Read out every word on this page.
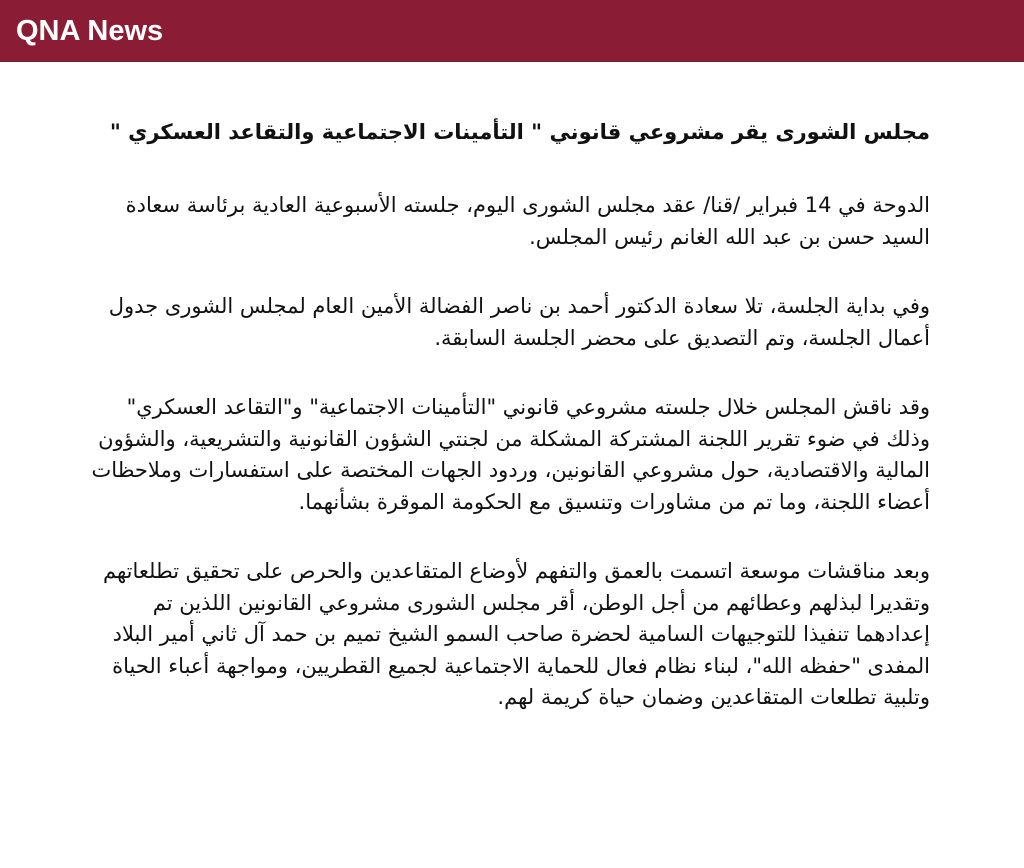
QNA News
مجلس الشورى يقر مشروعي قانوني " التأمينات الاجتماعية والتقاعد العسكري "

الدوحة في 14 فبراير /قنا/ عقد مجلس الشورى اليوم، جلسته الأسبوعية العادية برئاسة سعادة السيد حسن بن عبد الله الغانم رئيس المجلس.

وفي بداية الجلسة، تلا سعادة الدكتور أحمد بن ناصر الفضالة الأمين العام لمجلس الشورى جدول أعمال الجلسة، وتم التصديق على محضر الجلسة السابقة.

وقد ناقش المجلس خلال جلسته مشروعي قانوني "التأمينات الاجتماعية" و"التقاعد العسكري" وذلك في ضوء تقرير اللجنة المشتركة المشكلة من لجنتي الشؤون القانونية والتشريعية، والشؤون المالية والاقتصادية، حول مشروعي القانونين، وردود الجهات المختصة على استفسارات وملاحظات أعضاء اللجنة، وما تم من مشاورات وتنسيق مع الحكومة الموقرة بشأنهما.

وبعد مناقشات موسعة اتسمت بالعمق والتفهم لأوضاع المتقاعدين والحرص على تحقيق تطلعاتهم وتقديرا لبذلهم وعطائهم من أجل الوطن، أقر مجلس الشورى مشروعي القانونين اللذين تم إعدادهما تنفيذا للتوجيهات السامية لحضرة صاحب السمو الشيخ تميم بن حمد آل ثاني أمير البلاد المفدى "حفظه الله"، لبناء نظام فعال للحماية الاجتماعية لجميع القطريين، ومواجهة أعباء الحياة وتلبية تطلعات المتقاعدين وضمان حياة كريمة لهم.
